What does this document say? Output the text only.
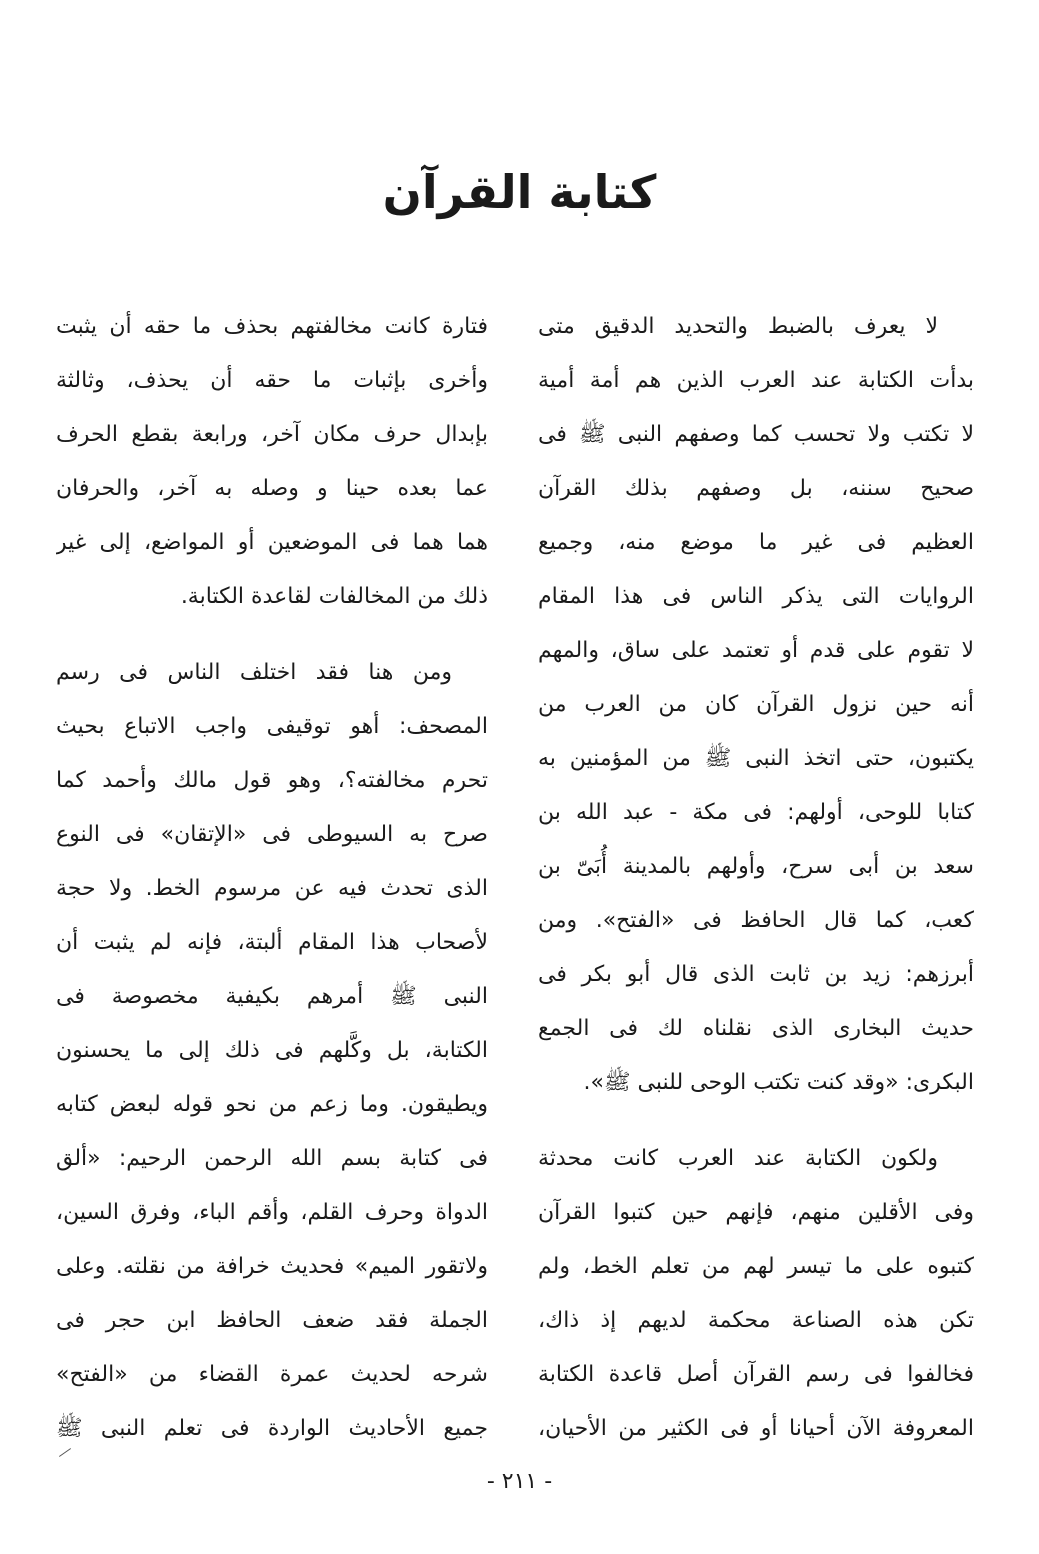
كتابة القرآن
لا يعرف بالضبط والتحديد الدقيق متى
بدأت الكتابة عند العرب الذين هم أمة أمية
لا تكتب ولا تحسب كما وصفهم النبى ﷺ فى
صحيح سننه، بل وصفهم بذلك القرآن
العظيم فى غير ما موضع منه، وجميع
الروايات التى يذكر الناس فى هذا المقام
لا تقوم على قدم أو تعتمد على ساق، والمهم
أنه حين نزول القرآن كان من العرب من
يكتبون، حتى اتخذ النبى ﷺ من المؤمنين به
كتابا للوحى، أولهم: فى مكة - عبد الله بن
سعد بن أبى سرح، وأولهم بالمدينة أُبَىّ بن
كعب، كما قال الحافظ فى «الفتح». ومن
أبرزهم: زيد بن ثابت الذى قال أبو بكر فى
حديث البخارى الذى نقلناه لك فى الجمع
البكرى: «وقد كنت تكتب الوحى للنبى ﷺ».
ولكون الكتابة عند العرب كانت محدثة
وفى الأقلين منهم، فإنهم حين كتبوا القرآن
كتبوه على ما تيسر لهم من تعلم الخط، ولم
تكن هذه الصناعة محكمة لديهم إذ ذاك،
فخالفوا فى رسم القرآن أصل قاعدة الكتابة
المعروفة الآن أحيانا أو فى الكثير من الأحيان،
فتارة كانت مخالفتهم بحذف ما حقه أن يثبت
وأخرى بإثبات ما حقه أن يحذف، وثالثة
بإبدال حرف مكان آخر، ورابعة بقطع الحرف
عما بعده حينا و وصله به آخر، والحرفان
هما هما فى الموضعين أو المواضع، إلى غير
ذلك من المخالفات لقاعدة الكتابة.
ومن هنا فقد اختلف الناس فى رسم
المصحف: أهو توقيفى واجب الاتباع بحيث
تحرم مخالفته؟، وهو قول مالك وأحمد كما
صرح به السيوطى فى «الإتقان» فى النوع
الذى تحدث فيه عن مرسوم الخط. ولا حجة
لأصحاب هذا المقام ألبتة، فإنه لم يثبت أن
النبى ﷺ أمرهم بكيفية مخصوصة فى
الكتابة، بل وكَّلهم فى ذلك إلى ما يحسنون
ويطيقون. وما زعم من نحو قوله لبعض كتابه
فى كتابة بسم الله الرحمن الرحيم: «ألق
الدواة وحرف القلم، وأقم الباء، وفرق السين،
ولاتقور الميم» فحديث خرافة من نقلته. وعلى
الجملة فقد ضعف الحافظ ابن حجر فى
شرحه لحديث عمرة القضاء من «الفتح»
جميع الأحاديث الواردة فى تعلم النبى ﷺ
- ٢١١ -
